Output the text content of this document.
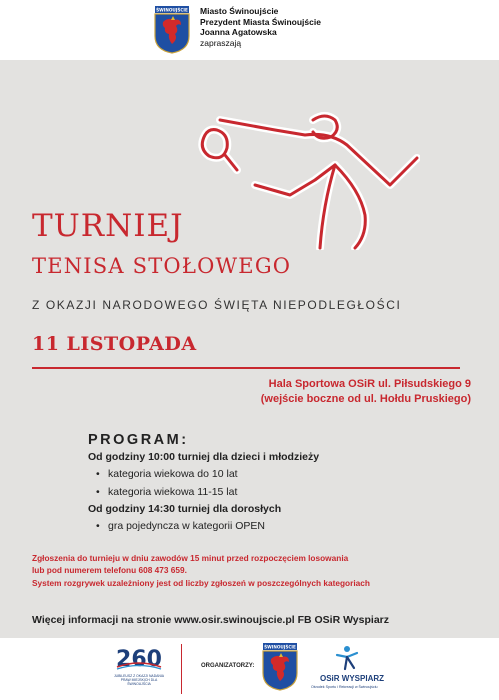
ŚWINOUJŚCIE Miasto Świnoujście
Prezydent Miasta Świnoujście
Joanna Agatowska
zapraszają
TURNIEJ
TENISA STOŁOWEGO
Z OKAZJI NARODOWEGO ŚWIĘTA NIEPODLEGŁOŚCI
11 LISTOPADA
Hala Sportowa OSiR ul. Piłsudskiego 9
(wejście boczne od ul. Hołdu Pruskiego)
PROGRAM:
Od godziny 10:00 turniej dla dzieci i młodzieży
• kategoria wiekowa do 10 lat
• kategoria wiekowa 11-15 lat
Od godziny 14:30 turniej dla dorosłych
• gra pojedyncza w kategorii OPEN
Zgłoszenia do turnieju w dniu zawodów 15 minut przed rozpoczęciem losowania
lub pod numerem telefonu 608 473 659.
System rozgrywek uzależniony jest od liczby zgłoszeń w poszczególnych kategoriach
Więcej informacji na stronie www.osir.swinoujscie.pl FB OSiR Wyspiarz
260
JUBILEUSZ Z OKAZJI NADANIA PRAW MIEJSKICH DLA ŚWINOUJŚCIA
ORGANIZATORZY:
ŚWINOUJŚCIE
OSiR WYSPIARZ
Ośrodek Sportu i Rekreacji w Świnoujściu
